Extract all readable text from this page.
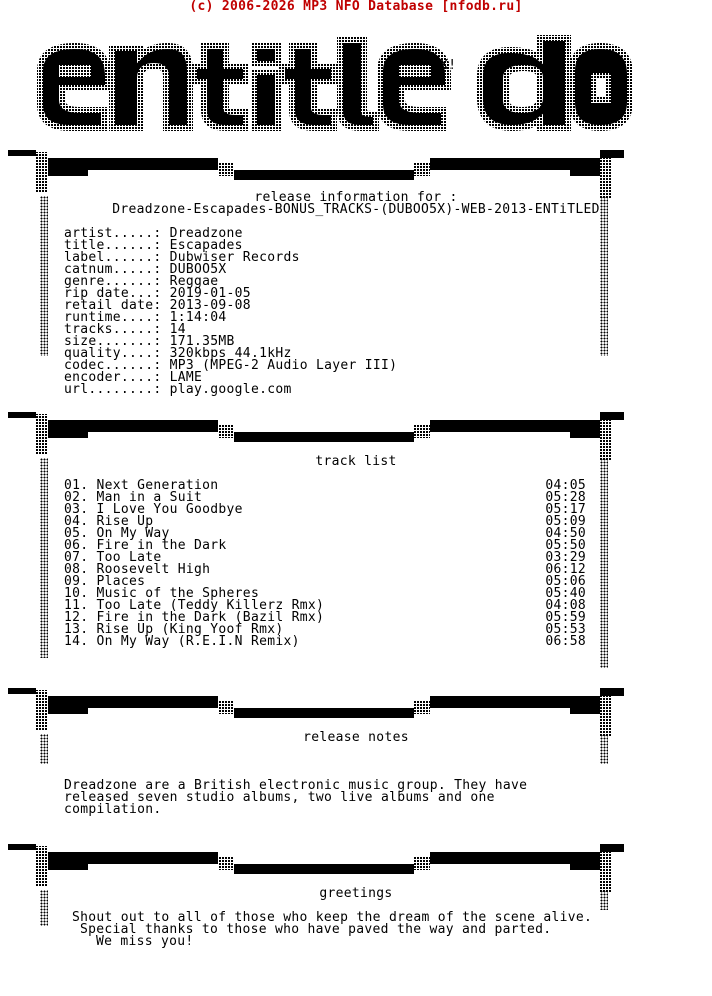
(c) 2006-2026 MP3 NFO Database [nfodb.ru]
hX!
release information for :
Dreadzone-Escapades-BONUS_TRACKS-(DUBOO5X)-WEB-2013-ENTiTLED
artist.....: Dreadzone
title......: Escapades
label......: Dubwiser Records
catnum.....: DUBOO5X
genre......: Reggae
rip date...: 2019-01-05
retail date: 2013-09-08
runtime....: 1:14:04
tracks.....: 14
size.......: 171.35MB
quality....: 320kbps 44.1kHz
codec......: MP3 (MPEG-2 Audio Layer III)
encoder....: LAME
url........: play.google.com
track list
01. Next Generation	04:05
02. Man in a Suit	05:28
03. I Love You Goodbye	05:17
04. Rise Up	05:09
05. On My Way	04:50
06. Fire in the Dark	05:50
07. Too Late	03:29
08. Roosevelt High	06:12
09. Places	05:06
10. Music of the Spheres	05:40
11. Too Late (Teddy Killerz Rmx)	04:08
12. Fire in the Dark (Bazil Rmx)	05:59
13. Rise Up (King Yoof Rmx)	05:53
14. On My Way (R.E.I.N Remix)	06:58
release notes
Dreadzone are a British electronic music group. They have
released seven studio albums, two live albums and one
compilation.
greetings
Shout out to all of those who keep the dream of the scene alive.
Special thanks to those who have paved the way and parted.
We miss you!
